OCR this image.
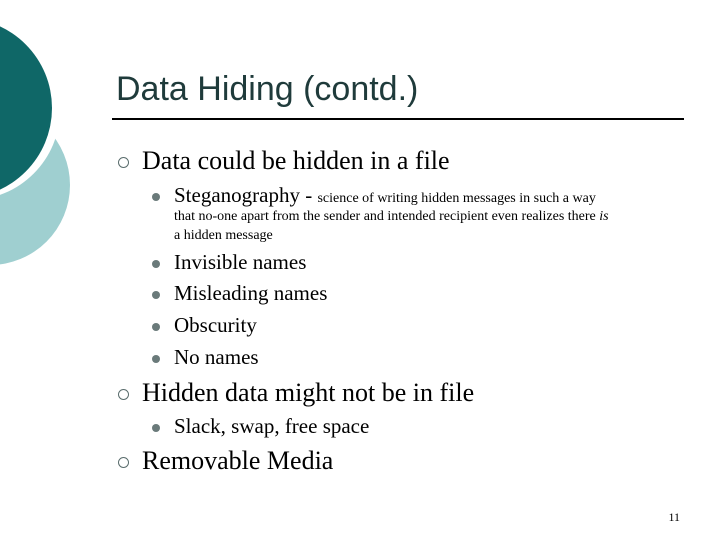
Data Hiding (contd.)
Data could be hidden in a file
Steganography - science of writing hidden messages in such a way
that no-one apart from the sender and intended recipient even realizes there is
a hidden message
Invisible names
Misleading names
Obscurity
No names
Hidden data might not be in file
Slack, swap, free space
Removable Media
11
